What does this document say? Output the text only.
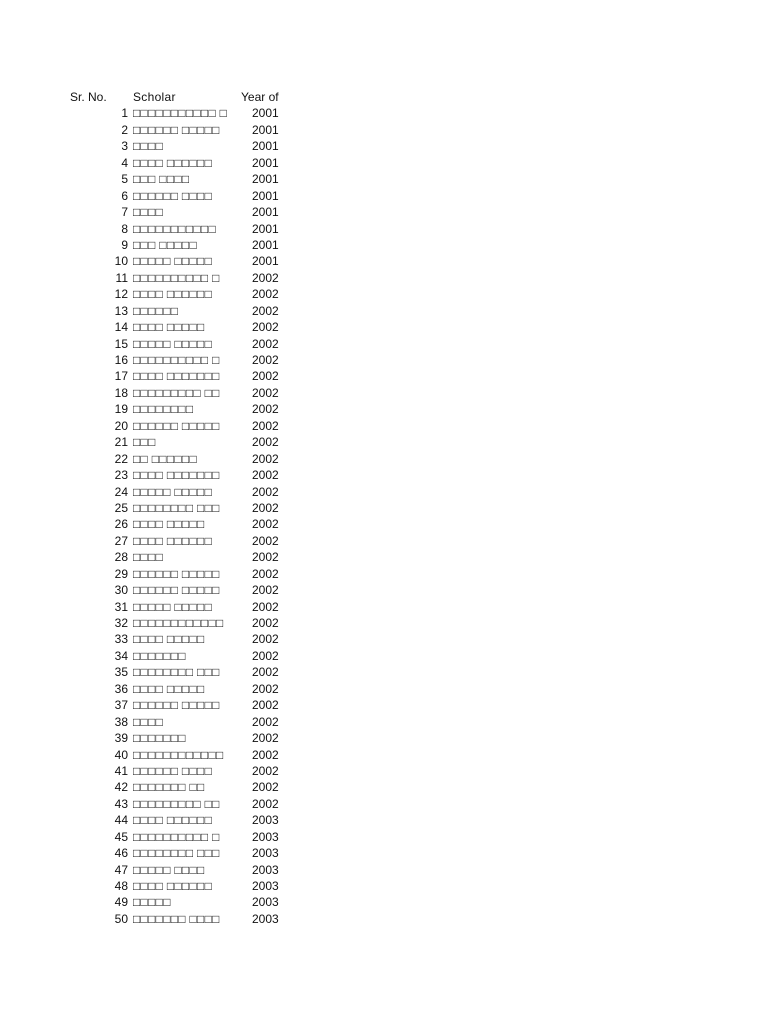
Sr. No.	Scholar	Year of
1 □□□□□□□□□□□ □	2001
2 □□□□□□ □□□□□	2001
3 □□□□	2001
4 □□□□ □□□□□□	2001
5 □□□ □□□□	2001
6 □□□□□□ □□□□	2001
7 □□□□	2001
8 □□□□□□□□□□□	2001
9 □□□ □□□□□	2001
10 □□□□□ □□□□□	2001
11 □□□□□□□□□□ □	2002
12 □□□□ □□□□□□	2002
13 □□□□□□	2002
14 □□□□ □□□□□	2002
15 □□□□□ □□□□□	2002
16 □□□□□□□□□□ □	2002
17 □□□□ □□□□□□□	2002
18 □□□□□□□□□ □□	2002
19 □□□□□□□□	2002
20 □□□□□□ □□□□□	2002
21 □□□	2002
22 □□ □□□□□□	2002
23 □□□□ □□□□□□□	2002
24 □□□□□ □□□□□	2002
25 □□□□□□□□ □□□	2002
26 □□□□ □□□□□	2002
27 □□□□ □□□□□□	2002
28 □□□□	2002
29 □□□□□□ □□□□□	2002
30 □□□□□□ □□□□□	2002
31 □□□□□ □□□□□	2002
32 □□□□□□□□□□□□	2002
33 □□□□ □□□□□	2002
34 □□□□□□□	2002
35 □□□□□□□□ □□□	2002
36 □□□□ □□□□□	2002
37 □□□□□□ □□□□□	2002
38 □□□□	2002
39 □□□□□□□	2002
40 □□□□□□□□□□□□	2002
41 □□□□□□ □□□□	2002
42 □□□□□□□ □□	2002
43 □□□□□□□□□ □□	2002
44 □□□□ □□□□□□	2003
45 □□□□□□□□□□ □	2003
46 □□□□□□□□ □□□	2003
47 □□□□□ □□□□	2003
48 □□□□ □□□□□□	2003
49 □□□□□	2003
50 □□□□□□□ □□□□	2003
